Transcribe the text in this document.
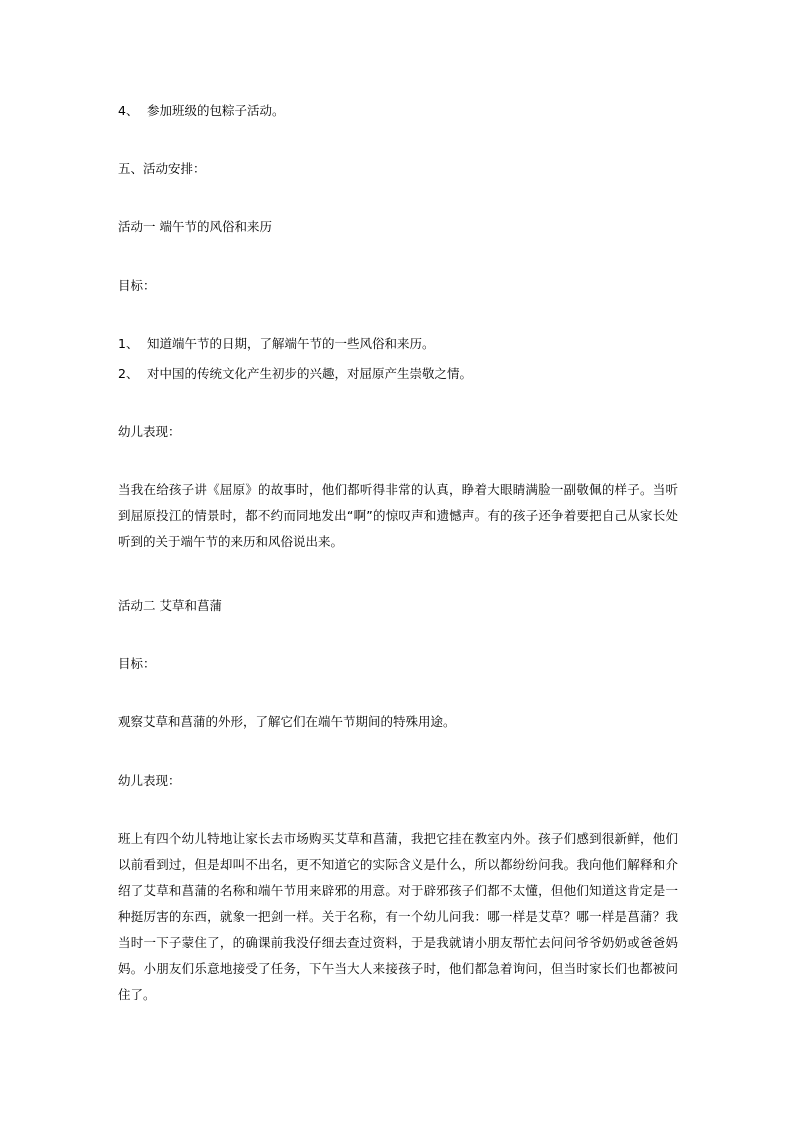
4、 参加班级的包粽子活动。
五、活动安排：
活动一 端午节的风俗和来历
目标：
1、 知道端午节的日期，了解端午节的一些风俗和来历。
2、 对中国的传统文化产生初步的兴趣，对屈原产生崇敬之情。
幼儿表现：
当我在给孩子讲《屈原》的故事时，他们都听得非常的认真，睁着大眼睛满脸一副敬佩的样子。当听到屈原投江的情景时，都不约而同地发出“啊”的惊叹声和遗憾声。有的孩子还争着要把自己从家长处听到的关于端午节的来历和风俗说出来。
活动二 艾草和菖蒲
目标：
观察艾草和菖蒲的外形，了解它们在端午节期间的特殊用途。
幼儿表现：
班上有四个幼儿特地让家长去市场购买艾草和菖蒲，我把它挂在教室内外。孩子们感到很新鲜，他们以前看到过，但是却叫不出名，更不知道它的实际含义是什么，所以都纷纷问我。我向他们解释和介绍了艾草和菖蒲的名称和端午节用来辟邪的用意。对于辟邪孩子们都不太懂，但他们知道这肯定是一种挺厉害的东西，就象一把剑一样。关于名称，有一个幼儿问我：哪一样是艾草？哪一样是菖蒲？我当时一下子蒙住了，的确课前我没仔细去查过资料，于是我就请小朋友帮忙去问问爷爷奶奶或爸爸妈妈。小朋友们乐意地接受了任务，下午当大人来接孩子时，他们都急着询问，但当时家长们也都被问住了。
